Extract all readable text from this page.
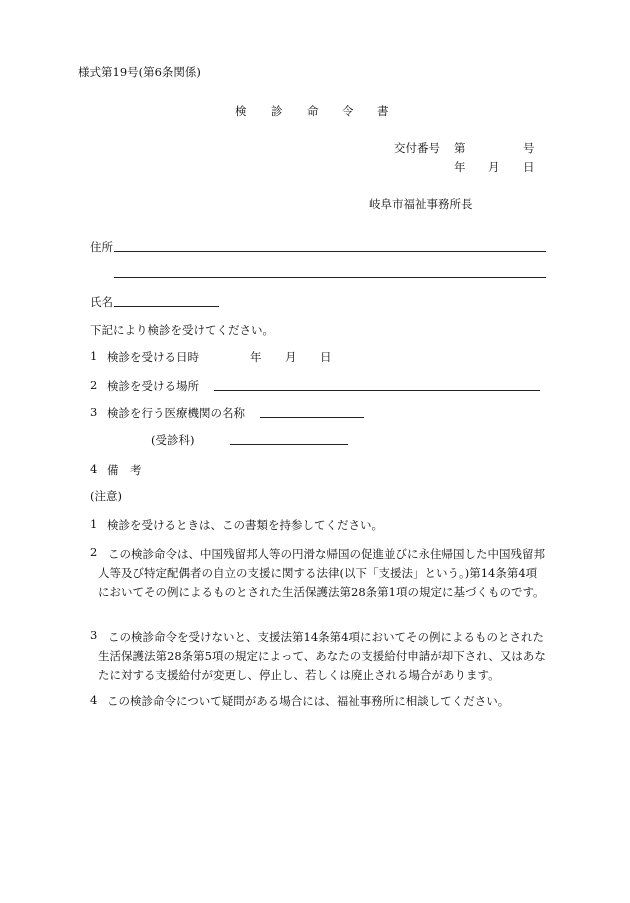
様式第19号(第6条関係)
検 診 命 令 書
交付番号 第	号
年 月 日
岐阜市福祉事務所長
住所
氏名
下記により検診を受けてください。
1 検診を受ける日時	年 月 日
2 検診を受ける場所
3 検診を行う医療機関の名称
(受診科)
4 備　考
(注意)
1 検診を受けるときは、この書類を持参してください。
2 この検診命令は、中国残留邦人等の円滑な帰国の促進並びに永住帰国した中国残留邦人等及び特定配偶者の自立の支援に関する法律(以下「支援法」という。)第14条第4項においてその例によるものとされた生活保護法第28条第1項の規定に基づくものです。
3 この検診命令を受けないと、支援法第14条第4項においてその例によるものとされた生活保護法第28条第5項の規定によって、あなたの支援給付申請が却下され、又はあなたに対する支援給付が変更し、停止し、若しくは廃止される場合があります。
4 この検診命令について疑問がある場合には、福祉事務所に相談してください。
